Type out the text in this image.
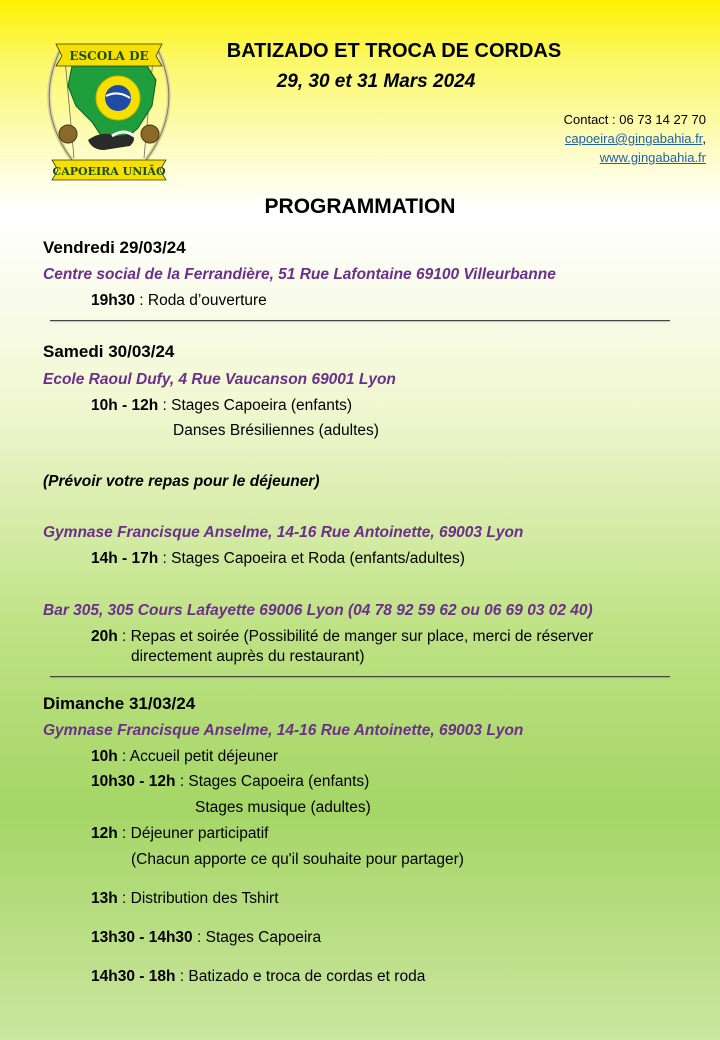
ESCOLA DE
CAPOEIRA UNIÃO
BATIZADO ET TROCA DE CORDAS
29, 30 et 31 Mars 2024
Contact : 06 73 14 27 70
capoeira@gingabahia.fr,
www.gingabahia.fr
PROGRAMMATION
Vendredi 29/03/24
Centre social de la Ferrandière, 51 Rue Lafontaine 69100 Villeurbanne
19h30 : Roda d’ouverture
Samedi 30/03/24
Ecole Raoul Dufy, 4 Rue Vaucanson 69001 Lyon
10h - 12h : Stages Capoeira (enfants)
Danses Brésiliennes (adultes)
(Prévoir votre repas pour le déjeuner)
Gymnase Francisque Anselme, 14-16 Rue Antoinette, 69003 Lyon
14h - 17h : Stages Capoeira et Roda (enfants/adultes)
Bar 305, 305 Cours Lafayette 69006 Lyon (04 78 92 59 62 ou 06 69 03 02 40)
20h : Repas et soirée (Possibilité de manger sur place, merci de réserver
directement auprès du restaurant)
Dimanche 31/03/24
Gymnase Francisque Anselme, 14-16 Rue Antoinette, 69003 Lyon
10h : Accueil petit déjeuner
10h30 - 12h : Stages Capoeira (enfants)
Stages musique (adultes)
12h : Déjeuner participatif
(Chacun apporte ce qu'il souhaite pour partager)
13h : Distribution des Tshirt
13h30 - 14h30 : Stages Capoeira
14h30 - 18h : Batizado e troca de cordas et roda
